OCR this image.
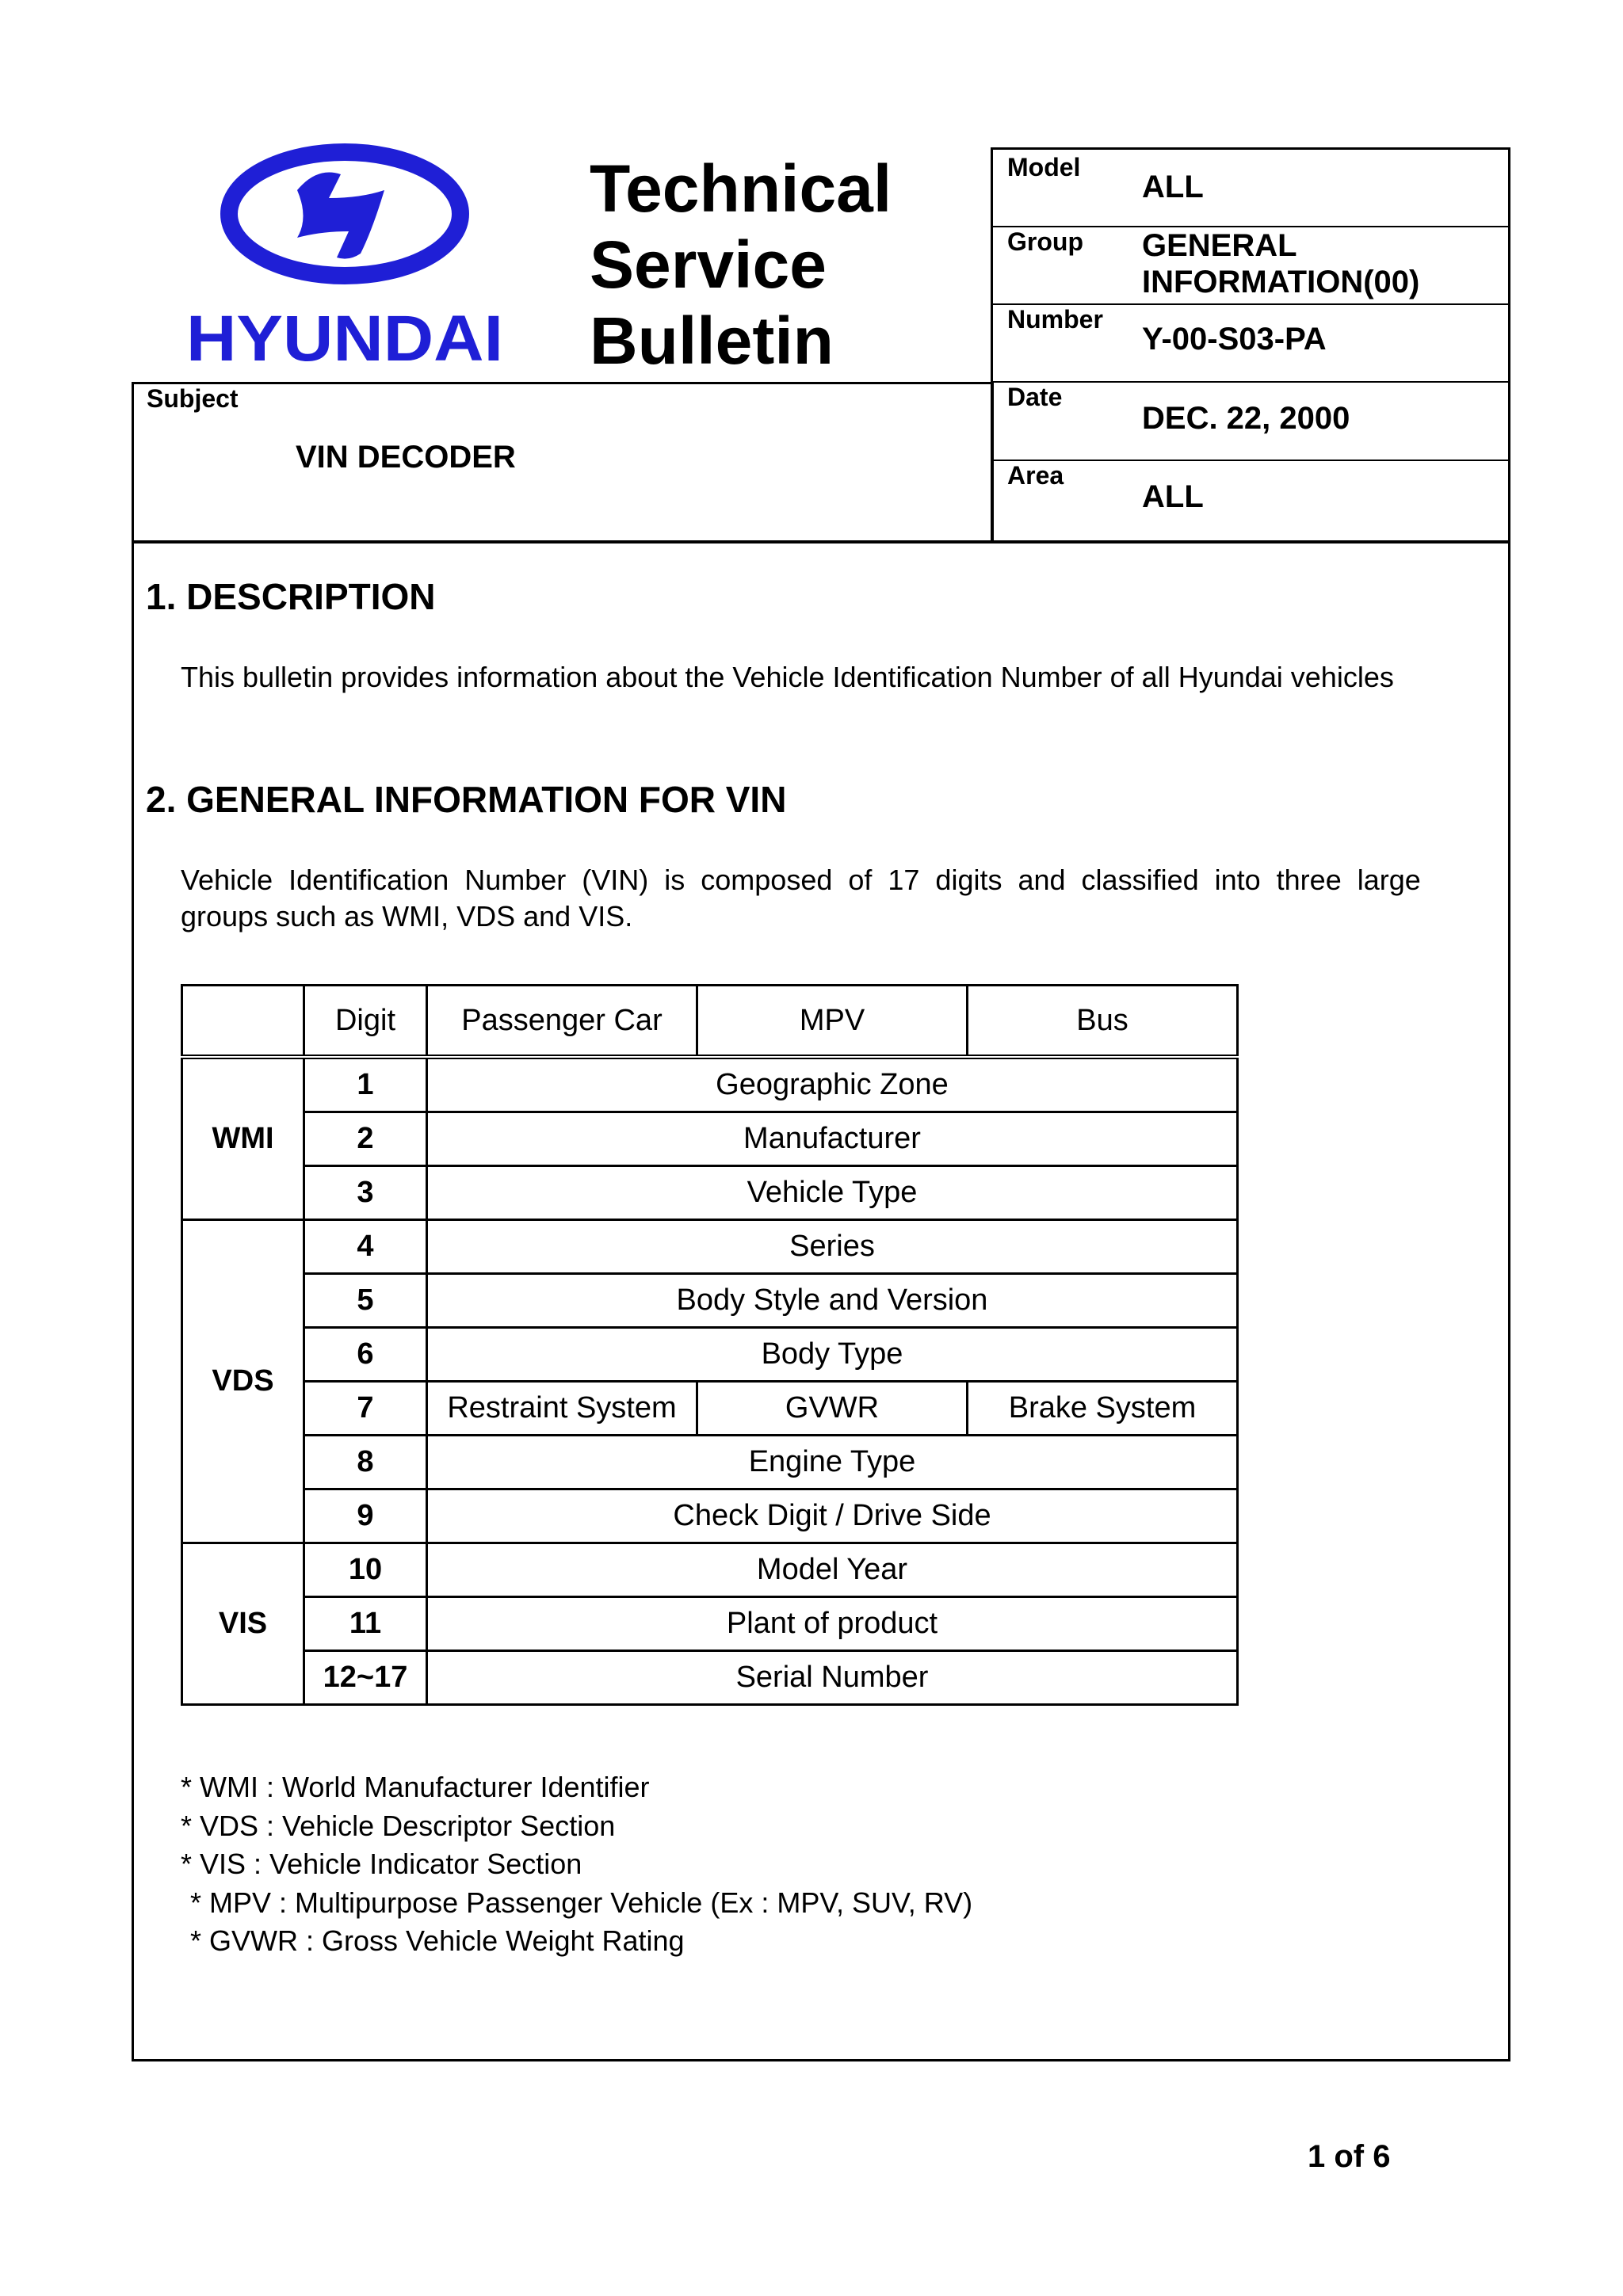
HYUNDAI
Technical
Service
Bulletin
Model
ALL
Group GENERAL
INFORMATION(00)
Number
Y-00-S03-PA
Date
DEC. 22, 2000
Area
ALL
Subject
VIN DECODER
1. DESCRIPTION
This bulletin provides information about the Vehicle Identification Number of all Hyundai vehicles
2. GENERAL INFORMATION FOR VIN
Vehicle  Identification  Number  (VIN)  is  composed  of  17  digits  and  classified  into  three  large
groups such as WMI, VDS and VIS.
	Digit	Passenger Car	MPV	Bus
WMI	1	Geographic Zone		
	2	Manufacturer		
	3	Vehicle Type		
VDS	4	Series		
	5	Body Style and Version		
	6	Body Type		
	7	Restraint System	GVWR	Brake System
	8	Engine Type		
	9	Check Digit / Drive Side		
VIS	10	Model Year		
	11	Plant of product		
	12~17	Serial Number		
* WMI : World Manufacturer Identifier
* VDS : Vehicle Descriptor Section
* VIS : Vehicle Indicator Section
* MPV : Multipurpose Passenger Vehicle (Ex : MPV, SUV, RV)
* GVWR : Gross Vehicle Weight Rating
1 of 6
